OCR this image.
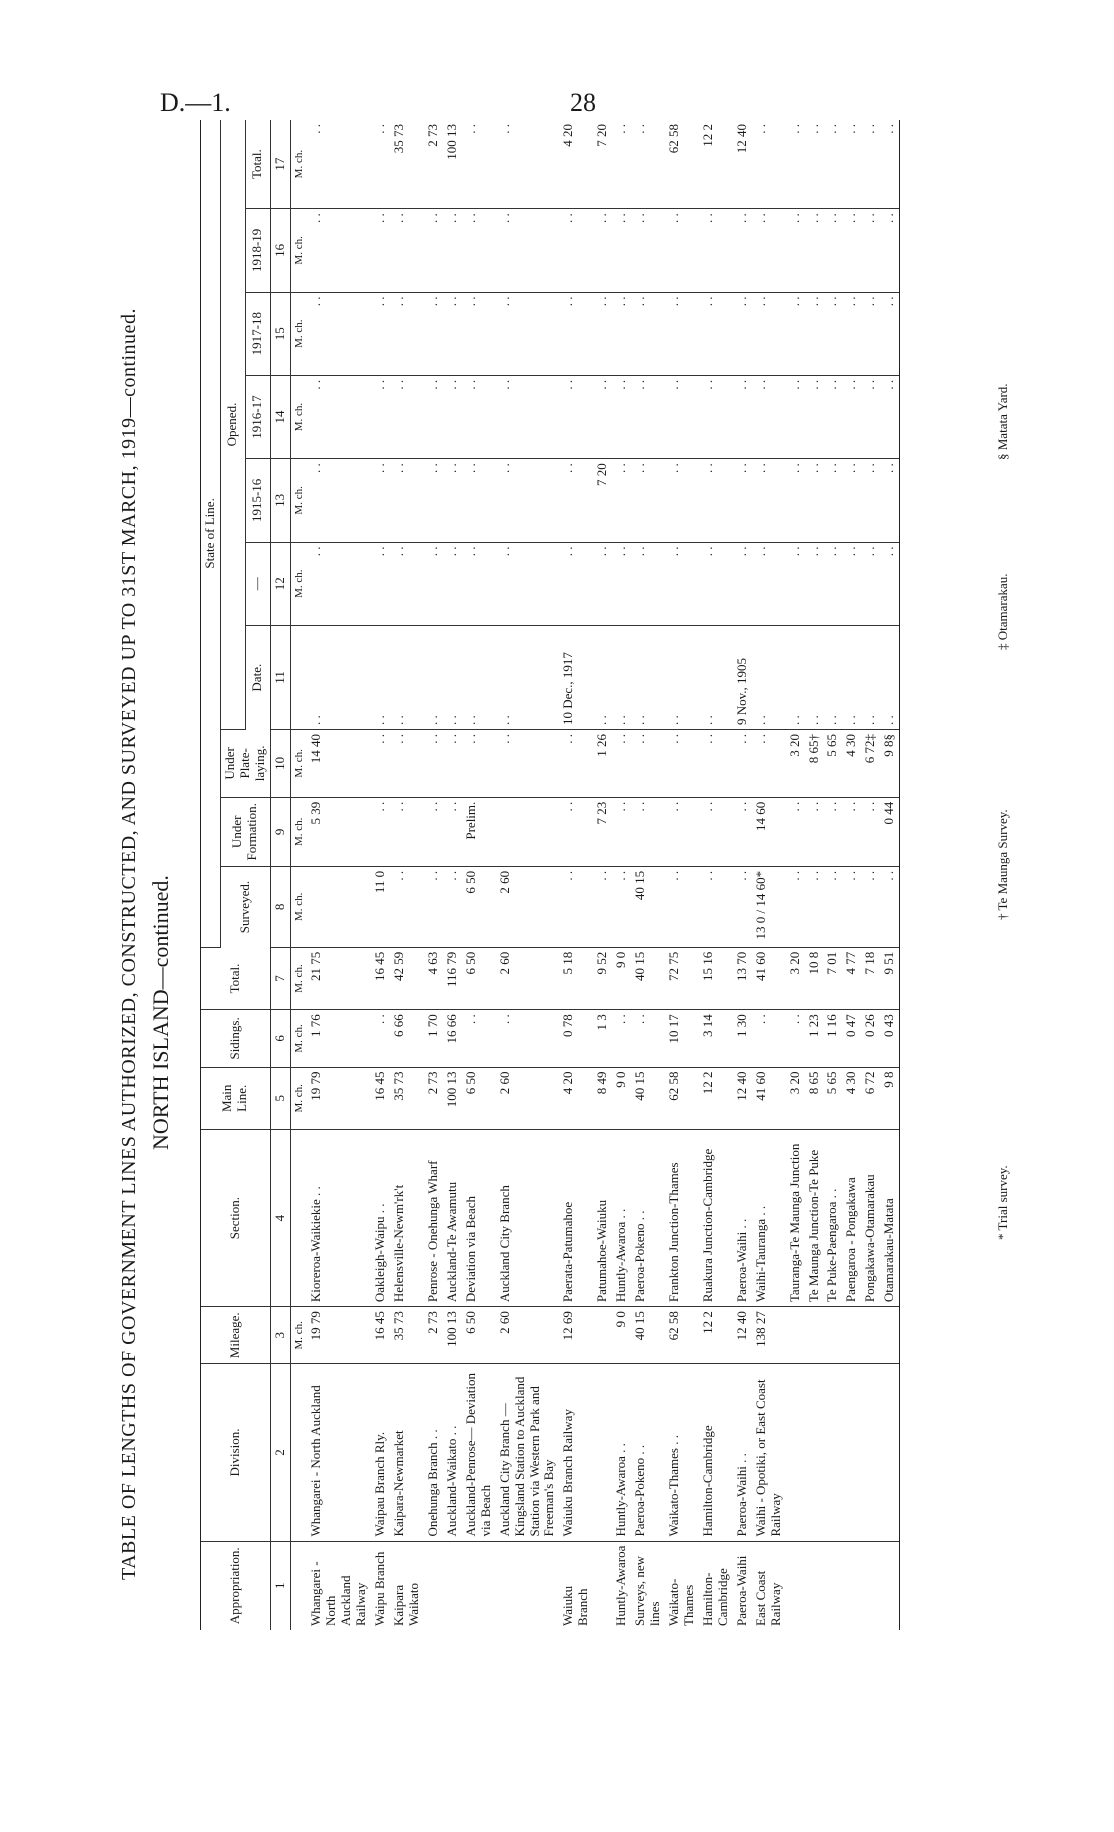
D.—1.	28
TABLE OF LENGTHS OF GOVERNMENT LINES AUTHORIZED, CONSTRUCTED, AND SURVEYED UP TO 31ST MARCH, 1919—continued. NORTH ISLAND—continued.
Appropriation.	Division.	Mileage.	Section.	Main Line.	Sidings.	Total.	State of Line.									
							Surveyed.	Under Formation.	Under Plate-laying.	Opened.						
										Date.	—	1915-16	1916-17	1917-18	1918-19	Total.
1	2	3	4	5	6	7	8	9	10	11	12	13	14	15	16	17
		M. ch.		M. ch.	M. ch.	M. ch.	M. ch.	M. ch.	M. ch.		M. ch.	M. ch.	M. ch.	M. ch.	M. ch.	M. ch.
Whangarei - North Auckland Railway	Whangarei - North Auckland	19 79	Kioreroa-Waikiekie . .	19 79	1 76	21 75		5 39	14 40	. .	. .	. .	. .	. .	. .	. .
Waipu Branch	Waipau Branch Rly.	16 45	Oakleigh-Waipu . .	16 45	. .	16 45	11 0	. .	. .	. .	. .	. .	. .	. .	. .	. .
Kaipara Waikato	Kaipara-Newmarket	35 73	Helensville-Newm'rk't	35 73	6 66	42 59	. .	. .	. .	. .	. .	. .	. .	. .	. .	35 73
	Onehunga Branch . .	2 73	Penrose - Onehunga Wharf	2 73	1 70	4 63	. .	. .	. .	. .	. .	. .	. .	. .	. .	2 73
	Auckland-Waikato . .	100 13	Auckland-Te Awamutu	100 13	16 66	116 79	. .	. .	. .	. .	. .	. .	. .	. .	. .	100 13
	Auckland-Penrose— Deviation via Beach	6 50	Deviation via Beach	6 50	. .	6 50	6 50	Prelim.	. .	. .	. .	. .	. .	. .	. .	. .
	Auckland City Branch —Kingsland Station to Auckland Station via Western Park and Freeman's Bay	2 60	Auckland City Branch	2 60	. .	2 60	2 60		. .	. .	. .	. .	. .	. .	. .	. .
Waiuku Branch	Waiuku Branch Railway	12 69	Paerata-Patumahoe	4 20	0 78	5 18	. .	. .	. .	10 Dec., 1917	. .	. .	. .	. .	. .	4 20
			Patumahoe-Waiuku	8 49	1 3	9 52	. .	7 23	1 26	. .	. .	7 20	. .	. .	. .	7 20
Huntly-Awaroa	Huntly-Awaroa . .	9 0	Huntly-Awaroa . .	9 0	. .	9 0	. .	. .	. .	. .	. .	. .	. .	. .	. .	. .
Surveys, new lines	Paeroa-Pokeno . .	40 15	Paeroa-Pokeno . .	40 15	. .	40 15	40 15	. .	. .	. .	. .	. .	. .	. .	. .	. .
Waikato-Thames	Waikato-Thames . .	62 58	Frankton Junction-Thames	62 58	10 17	72 75	. .	. .	. .	. .	. .	. .	. .	. .	. .	62 58
Hamilton-Cambridge	Hamilton-Cambridge	12 2	Ruakura Junction-Cambridge	12 2	3 14	15 16	. .	. .	. .	. .	. .	. .	. .	. .	. .	12 2
Paeroa-Waihi	Paeroa-Waihi . .	12 40	Paeroa-Waihi . .	12 40	1 30	13 70	. .	. .	. .	9 Nov., 1905	. .	. .	. .	. .	. .	12 40
East Coast Railway	Waihi - Opotiki, or East Coast Railway	138 27	Waihi-Tauranga . .	41 60	. .	41 60	13 0 / 14 60*	14 60	. .	. .	. .	. .	. .	. .	. .	. .
			Tauranga-Te Maunga Junction	3 20	. .	3 20	. .	. .	3 20	. .	. .	. .	. .	. .	. .	. .
			Te Maunga Junction-Te Puke	8 65	1 23	10 8	. .	. .	8 65†	. .	. .	. .	. .	. .	. .	. .
			Te Puke-Paengaroa . .	5 65	1 16	7 01	. .	. .	5 65	. .	. .	. .	. .	. .	. .	. .
			Paengaroa - Pongakawa	4 30	0 47	4 77	. .	. .	4 30	. .	. .	. .	. .	. .	. .	. .
			Pongakawa-Otamarakau	6 72	0 26	7 18	. .	. .	6 72‡	. .	. .	. .	. .	. .	. .	. .
			Otamarakau-Matata	9 8	0 43	9 51	. .	0 44	9 8§	. .	. .	. .	. .	. .	. .	. .
* Trial survey.
† Te Maunga Survey.
‡ Otamarakau.
§ Matata Yard.
